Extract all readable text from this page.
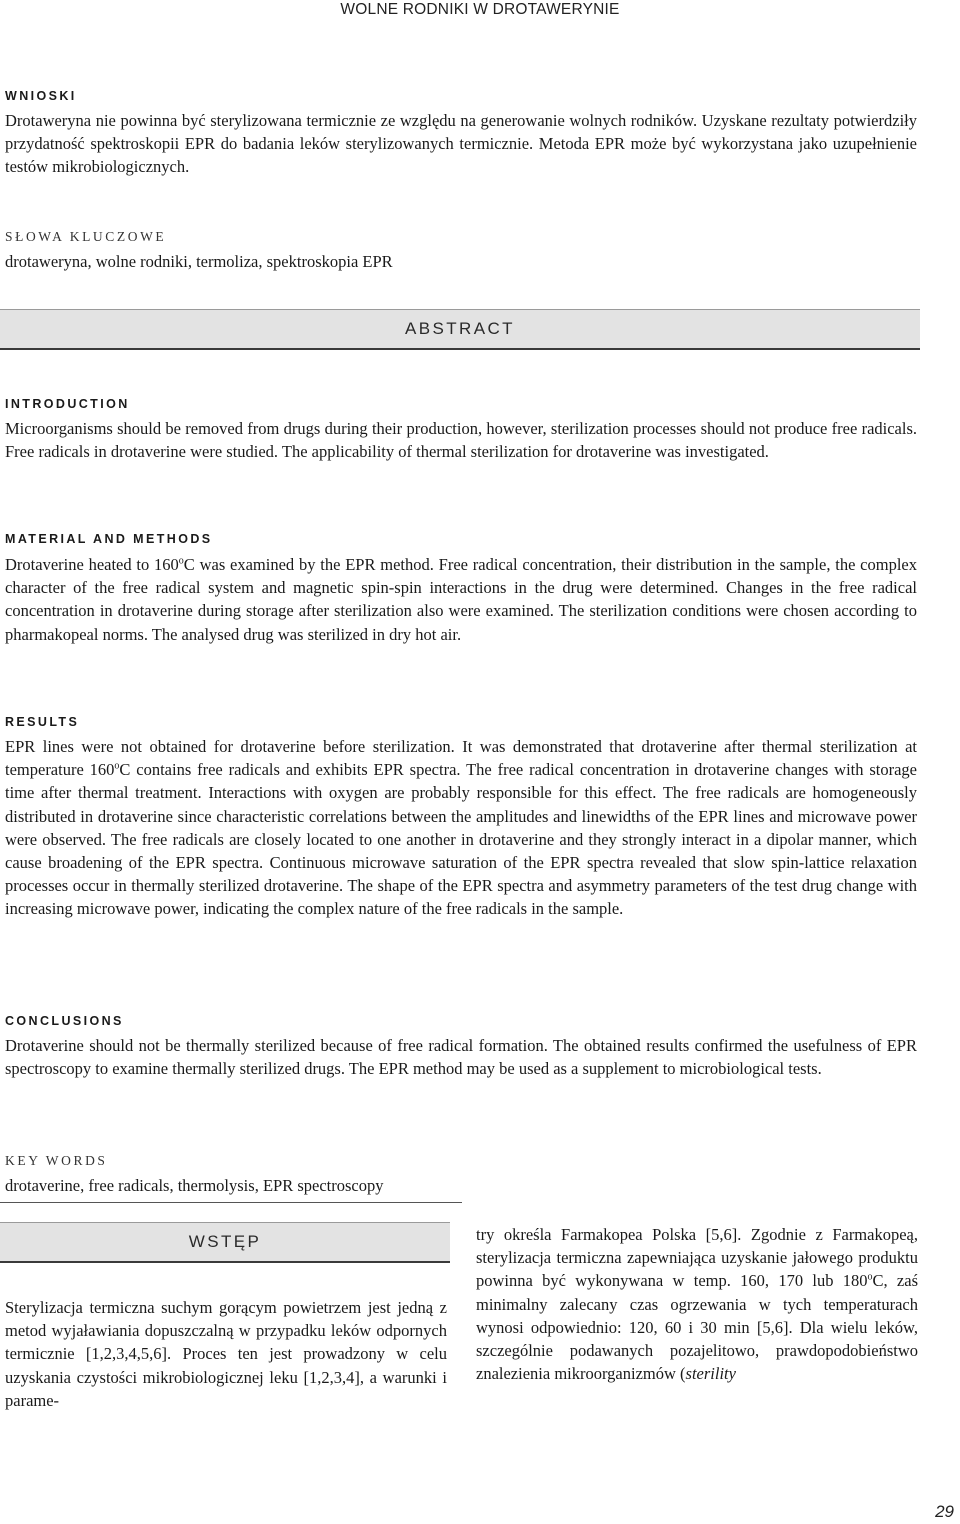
WOLNE RODNIKI W DROTAWERYNIE
WNIOSKI

Drotaweryna nie powinna być sterylizowana termicznie ze względu na generowanie wolnych rodników. Uzyskane rezultaty potwierdziły przydatność spektroskopii EPR do badania leków sterylizowanych termicznie. Metoda EPR może być wykorzystana jako uzupełnienie testów mikrobiologicznych.

SŁOWA KLUCZOWE

drotaweryna, wolne rodniki, termoliza, spektroskopia EPR

ABSTRACT
INTRODUCTION

Microorganisms should be removed from drugs during their production, however, sterilization processes should not produce free radicals. Free radicals in drotaverine were studied. The applicability of thermal sterilization for drotaverine was investigated.

MATERIAL AND METHODS

Drotaverine heated to 160$^o$C was examined by the EPR method. Free radical concentration, their distribution in the sample, the complex character of the free radical system and magnetic spin-spin interactions in the drug were determined. Changes in the free radical concentration in drotaverine during storage after sterilization also were examined. The sterilization conditions were chosen according to pharmakopeal norms. The analysed drug was sterilized in dry hot air.

RESULTS

EPR lines were not obtained for drotaverine before sterilization. It was demonstrated that drotaverine after thermal sterilization at temperature 160$^o$C contains free radicals and exhibits EPR spectra. The free radical concentration in drotaverine changes with storage time after thermal treatment. Interactions with oxygen are probably responsible for this effect. The free radicals are homogeneously distributed in drotaverine since characteristic correlations between the amplitudes and linewidths of the EPR lines and microwave power were observed. The free radicals are closely located to one another in drotaverine and they strongly interact in a dipolar manner, which cause broadening of the EPR spectra. Continuous microwave saturation of the EPR spectra revealed that slow spin-lattice relaxation processes occur in thermally sterilized drotaverine. The shape of the EPR spectra and asymmetry parameters of the test drug change with increasing microwave power, indicating the complex nature of the free radicals in the sample.

CONCLUSIONS

Drotaverine should not be thermally sterilized because of free radical formation. The obtained results confirmed the usefulness of EPR spectroscopy to examine thermally sterilized drugs. The EPR method may be used as a supplement to microbiological tests.

KEY WORDS

drotaverine, free radicals, thermolysis, EPR spectroscopy

WSTĘP

Sterylizacja termiczna suchym gorącym powietrzem jest jedną z metod wyjaławiania dopuszczalną w przypadku leków odpornych termicznie [1,2,3,4,5,6]. Proces ten jest prowadzony w celu uzyskania czystości mikrobiologicznej leku [1,2,3,4], a warunki i parame-

try określa Farmakopea Polska [5,6]. Zgodnie z Farmakopeą, sterylizacja termiczna zapewniająca uzyskanie jałowego produktu powinna być wykonywana w temp. 160, 170 lub 180$^o$C, zaś minimalny zalecany czas ogrzewania w tych temperaturach wynosi odpowiednio: 120, 60 i 30 min [5,6]. Dla wielu leków, szczególnie podawanych pozajelitowo, prawdopodobieństwo znalezienia mikroorganizmów (sterility

29
